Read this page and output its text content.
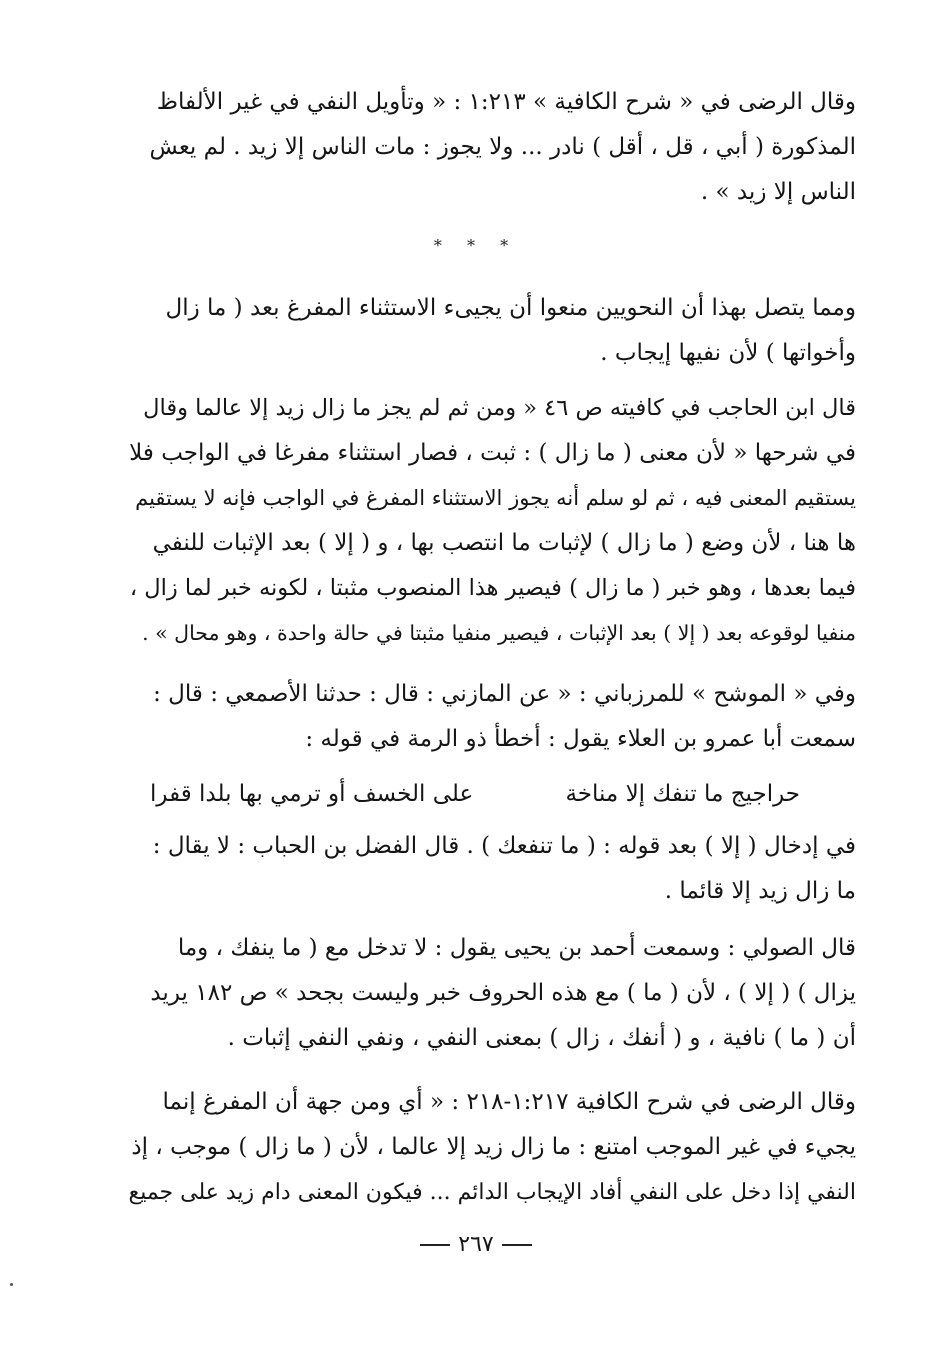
وقال الرضى في « شرح الكافية » ١:٢١٣ : « وتأويل النفي في غير الألفاظ
المذكورة ( أبي ، قل ، أقل ) نادر ... ولا يجوز : مات الناس إلا زيد . لم يعش
الناس إلا زيد » .
* * *
ومما يتصل بهذا أن النحويين منعوا أن يجيىء الاستثناء المفرغ بعد ( ما زال
وأخواتها ) لأن نفيها إيجاب .
قال ابن الحاجب في كافيته ص ٤٦ « ومن ثم لم يجز ما زال زيد إلا عالما وقال
في شرحها « لأن معنى ( ما زال ) : ثبت ، فصار استثناء مفرغا في الواجب فلا
يستقيم المعنى فيه ، ثم لو سلم أنه يجوز الاستثناء المفرغ في الواجب فإنه لا يستقيم
ها هنا ، لأن وضع ( ما زال ) لإثبات ما انتصب بها ، و ( إلا ) بعد الإثبات للنفي
فيما بعدها ، وهو خبر ( ما زال ) فيصير هذا المنصوب مثبتا ، لكونه خبر لما زال ،
منفيا لوقوعه بعد ( إلا ) بعد الإثبات ، فيصير منفيا مثبتا في حالة واحدة ، وهو محال » .
وفي « الموشح » للمرزباني : « عن المازني : قال : حدثنا الأصمعي : قال :
سمعت أبا عمرو بن العلاء يقول : أخطأ ذو الرمة في قوله :
حراجيج ما تنفك إلا مناخة
على الخسف أو ترمي بها بلدا قفرا
في إدخال ( إلا ) بعد قوله : ( ما تنفعك ) . قال الفضل بن الحباب : لا يقال :
ما زال زيد إلا قائما .
قال الصولي : وسمعت أحمد بن يحيى يقول : لا تدخل مع ( ما ينفك ، وما
يزال ) ( إلا ) ، لأن ( ما ) مع هذه الحروف خبر وليست بجحد » ص ١٨٢ يريد
أن ( ما ) نافية ، و ( أنفك ، زال ) بمعنى النفي ، ونفي النفي إثبات .
وقال الرضى في شرح الكافية ١:٢١٧-٢١٨ : « أي ومن جهة أن المفرغ إنما
يجيء في غير الموجب امتنع : ما زال زيد إلا عالما ، لأن ( ما زال ) موجب ، إذ
النفي إذا دخل على النفي أفاد الإيجاب الدائم ... فيكون المعنى دام زيد على جميع
٢٦٧
